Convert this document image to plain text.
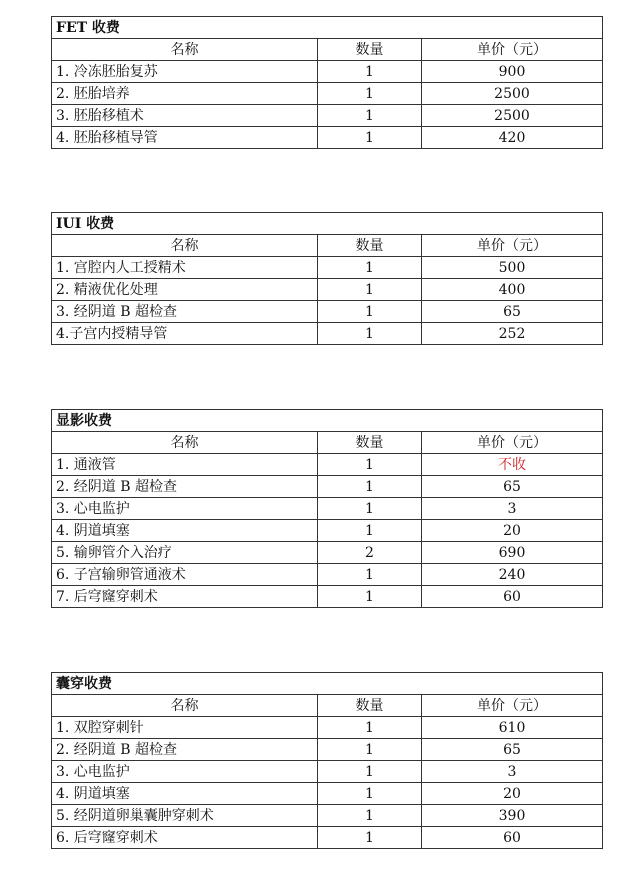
FET 收费		
名称	数量	单价（元）
1. 冷冻胚胎复苏	1	900
2. 胚胎培养	1	2500
3. 胚胎移植术	1	2500
4. 胚胎移植导管	1	420
IUI 收费		
名称	数量	单价（元）
1. 宫腔内人工授精术	1	500
2. 精液优化处理	1	400
3. 经阴道 B 超检查	1	65
4.子宫内授精导管	1	252
显影收费		
名称	数量	单价（元）
1. 通液管	1	不收
2. 经阴道 B 超检查	1	65
3. 心电监护	1	3
4. 阴道填塞	1	20
5. 输卵管介入治疗	2	690
6. 子宫输卵管通液术	1	240
7. 后穹窿穿刺术	1	60
囊穿收费		
名称	数量	单价（元）
1. 双腔穿刺针	1	610
2. 经阴道 B 超检查	1	65
3. 心电监护	1	3
4. 阴道填塞	1	20
5. 经阴道卵巢囊肿穿刺术	1	390
6. 后穹窿穿刺术	1	60
